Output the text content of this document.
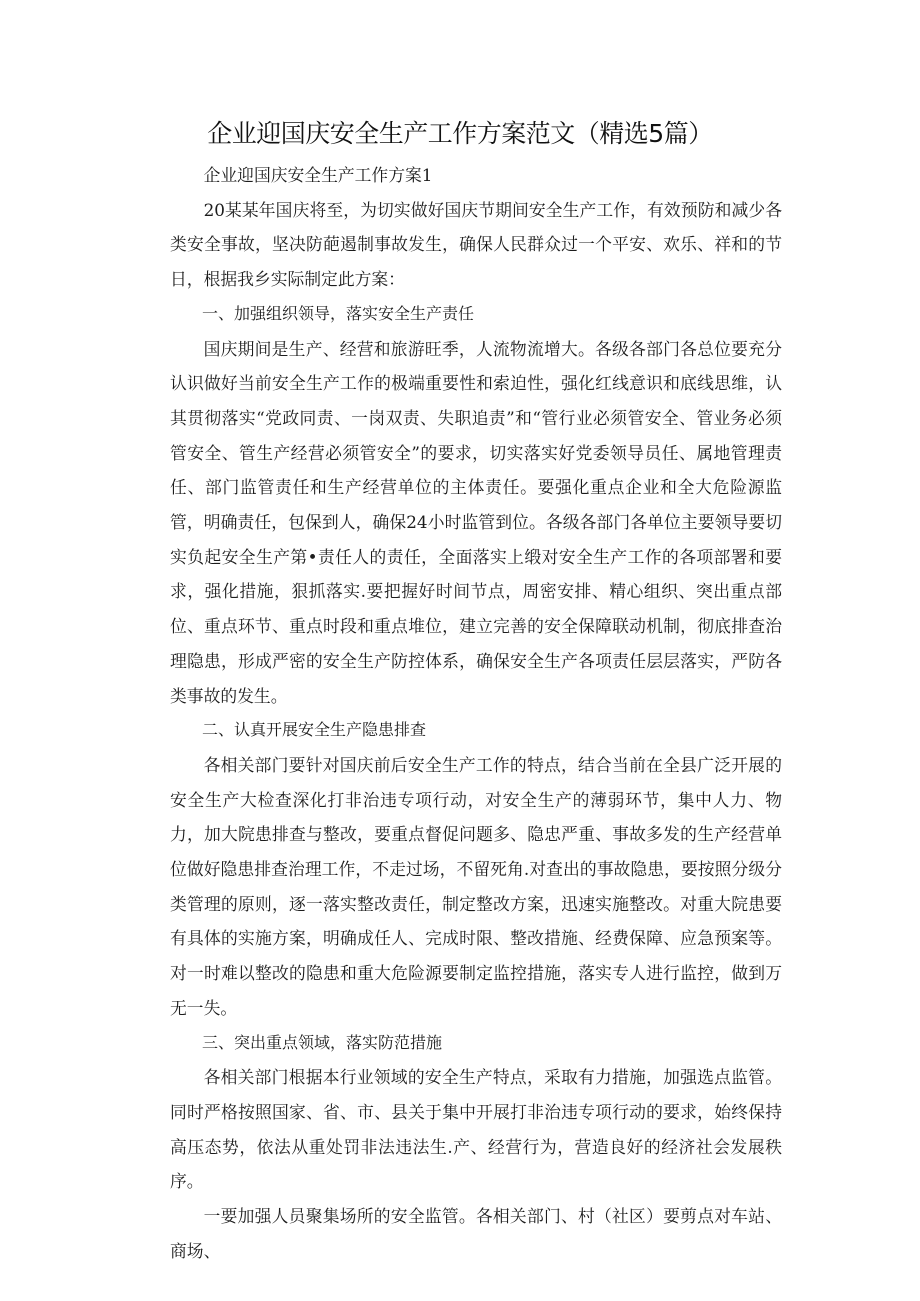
企业迎国庆安全生产工作方案范文（精选5篇）

企业迎国庆安全生产工作方案1

20某某年国庆将至，为切实做好国庆节期间安全生产工作，有效预防和减少各类安全事故，坚决防葩遏制事故发生，确保人民群众过一个平安、欢乐、祥和的节日，根据我乡实际制定此方案：

一、加强组织领导，落实安全生产责任

国庆期间是生产、经营和旅游旺季，人流物流增大。各级各部门各总位要充分认识做好当前安全生产工作的极端重要性和索迫性，强化红线意识和底线思维，认其贯彻落实“党政同责、一岗双责、失职追责”和“管行业必须管安全、管业务必须管安全、管生产经营必须管安全”的要求，切实落实好党委领导员任、属地管理责任、部门监管责任和生产经营单位的主体责任。要强化重点企业和全大危险源监管，明确责任，包保到人，确保24小时监管到位。各级各部门各单位主要领导要切实负起安全生产第•责任人的责任，全面落实上缎对安全生产工作的各项部署和要求，强化措施，狠抓落实.要把握好时间节点，周密安排、精心组织、突出重点部位、重点环节、重点时段和重点堆位，建立完善的安全保障联动机制，彻底排查治理隐患，形成严密的安全生产防控体系，确保安全生产各项责任层层落实，严防各类事故的发生。

二、认真开展安全生产隐患排查

各相关部门要针对国庆前后安全生产工作的特点，结合当前在全县广泛开展的安全生产大检查深化打非治违专项行动，对安全生产的薄弱环节，集中人力、物力，加大院患排查与整改，要重点督促问题多、隐忠严重、事故多发的生产经营单位做好隐患排查治理工作，不走过场，不留死角.对查出的事故隐患，要按照分级分类管理的原则，逐一落实整改责任，制定整改方案，迅速实施整改。对重大院患要有具体的实施方案，明确成任人、完成时限、整改措施、经费保障、应急预案等。对一时难以整改的隐患和重大危险源要制定监控措施，落实专人进行监控，做到万无一失。

三、突出重点领域，落实防范措施

各相关部门根据本行业领域的安全生产特点，采取有力措施，加强选点监管。同时严格按照国家、省、市、县关于集中开展打非治违专项行动的要求，始终保持高压态势，依法从重处罚非法违法生.产、经营行为，营造良好的经济社会发展秩序。

一要加强人员聚集场所的安全监管。各相关部门、村（社区）要剪点对车站、商场、
